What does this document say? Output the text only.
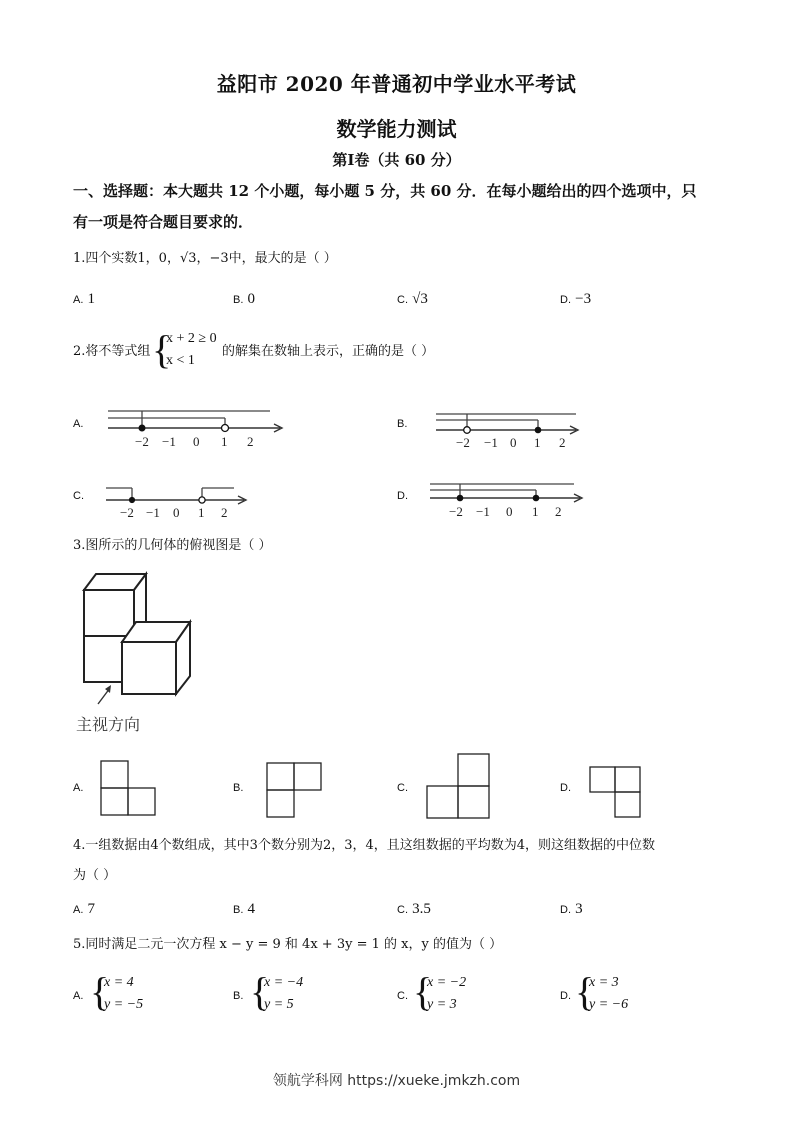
益阳市 2020 年普通初中学业水平考试
数学能力测试
第Ⅰ卷（共 60 分）
一、选择题：本大题共 12 个小题，每小题 5 分，共 60 分．在每小题给出的四个选项中，只
有一项是符合题目要求的．
1.四个实数1，0，√3，−3中，最大的是（ ）
A. 1	B. 0	C. √3	D. −3
2.将不等式组 {
x + 2 ≥ 0
x < 1
的解集在数轴上表示，正确的是（ ）
A.
−2 −1 0 1 2
B.
−2 −1 0 1 2
C.
−2 −1 0 1 2
D.
−2 −1 0 1 2
3.图所示的几何体的俯视图是（ ）
主视方向
A.	B.	C.	D.
4.一组数据由4个数组成，其中3个数分别为2，3，4，且这组数据的平均数为4，则这组数据的中位数
为（ ）
A. 7	B. 4	C. 3.5	D. 3
5.同时满足二元一次方程 x − y = 9 和 4x + 3y = 1 的 x，y 的值为（ ）
A. {
x = 4
y = −5
B. {
x = −4
y = 5
C. {
x = −2
y = 3
D. {
x = 3
y = −6
领航学科网 https://xueke.jmkzh.com
